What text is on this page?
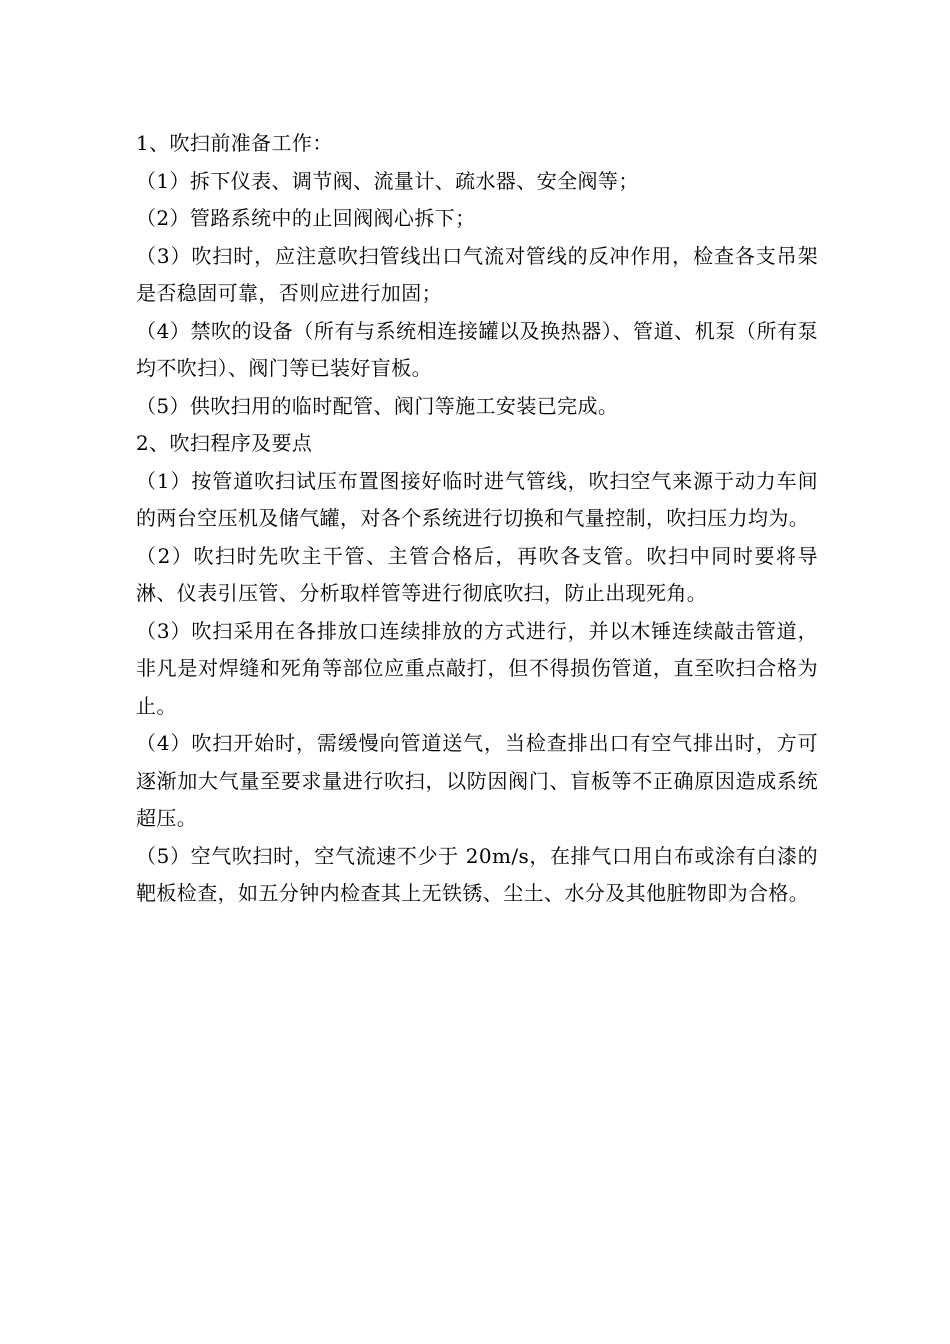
1、吹扫前准备工作：

（1）拆下仪表、调节阀、流量计、疏水器、安全阀等；

（2）管路系统中的止回阀阀心拆下；

（3）吹扫时，应注意吹扫管线出口气流对管线的反冲作用，检查各支吊架是否稳固可靠，否则应进行加固；

（4）禁吹的设备（所有与系统相连接罐以及换热器）、管道、机泵（所有泵均不吹扫）、阀门等已装好盲板。

（5）供吹扫用的临时配管、阀门等施工安装已完成。

2、吹扫程序及要点

（1）按管道吹扫试压布置图接好临时进气管线，吹扫空气来源于动力车间的两台空压机及储气罐，对各个系统进行切换和气量控制，吹扫压力均为。

（2）吹扫时先吹主干管、主管合格后，再吹各支管。吹扫中同时要将导淋、仪表引压管、分析取样管等进行彻底吹扫，防止出现死角。

（3）吹扫采用在各排放口连续排放的方式进行，并以木锤连续敲击管道，非凡是对焊缝和死角等部位应重点敲打，但不得损伤管道，直至吹扫合格为止。

（4）吹扫开始时，需缓慢向管道送气，当检查排出口有空气排出时，方可逐渐加大气量至要求量进行吹扫，以防因阀门、盲板等不正确原因造成系统超压。

（5）空气吹扫时，空气流速不少于 20m/s，在排气口用白布或涂有白漆的靶板检查，如五分钟内检查其上无铁锈、尘土、水分及其他脏物即为合格。
